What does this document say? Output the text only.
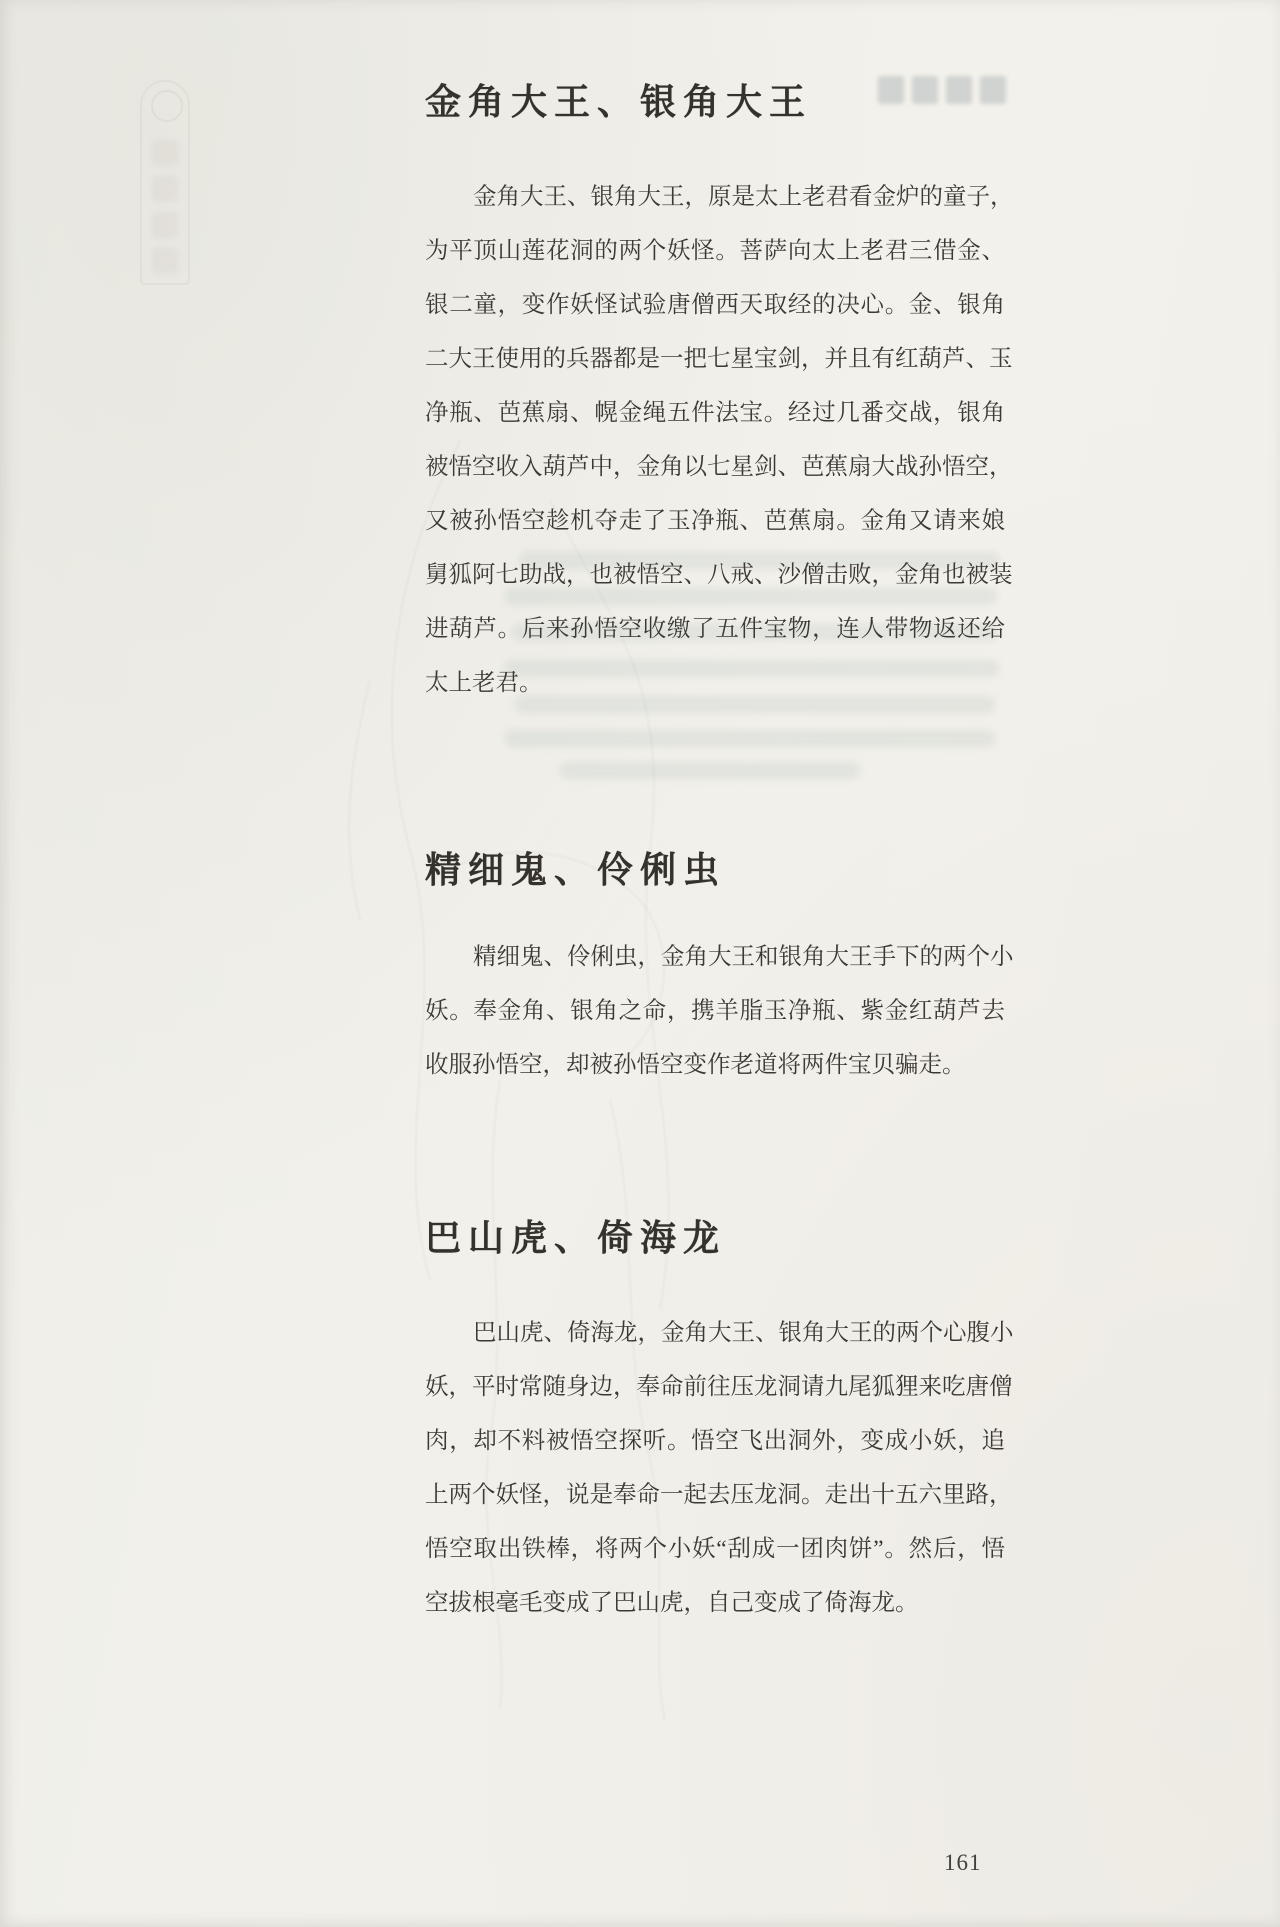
金角大王、银角大王
金角大王、银角大王，原是太上老君看金炉的童子，
为平顶山莲花洞的两个妖怪。菩萨向太上老君三借金、
银二童，变作妖怪试验唐僧西天取经的决心。金、银角
二大王使用的兵器都是一把七星宝剑，并且有红葫芦、玉
净瓶、芭蕉扇、幌金绳五件法宝。经过几番交战，银角
被悟空收入葫芦中，金角以七星剑、芭蕉扇大战孙悟空，
又被孙悟空趁机夺走了玉净瓶、芭蕉扇。金角又请来娘
舅狐阿七助战，也被悟空、八戒、沙僧击败，金角也被装
进葫芦。后来孙悟空收缴了五件宝物，连人带物返还给
太上老君。
精细鬼、伶俐虫
精细鬼、伶俐虫，金角大王和银角大王手下的两个小
妖。奉金角、银角之命，携羊脂玉净瓶、紫金红葫芦去
收服孙悟空，却被孙悟空变作老道将两件宝贝骗走。
巴山虎、倚海龙
巴山虎、倚海龙，金角大王、银角大王的两个心腹小
妖，平时常随身边，奉命前往压龙洞请九尾狐狸来吃唐僧
肉，却不料被悟空探听。悟空飞出洞外，变成小妖，追
上两个妖怪，说是奉命一起去压龙洞。走出十五六里路，
悟空取出铁棒，将两个小妖“刮成一团肉饼”。然后，悟
空拔根毫毛变成了巴山虎，自己变成了倚海龙。
161
